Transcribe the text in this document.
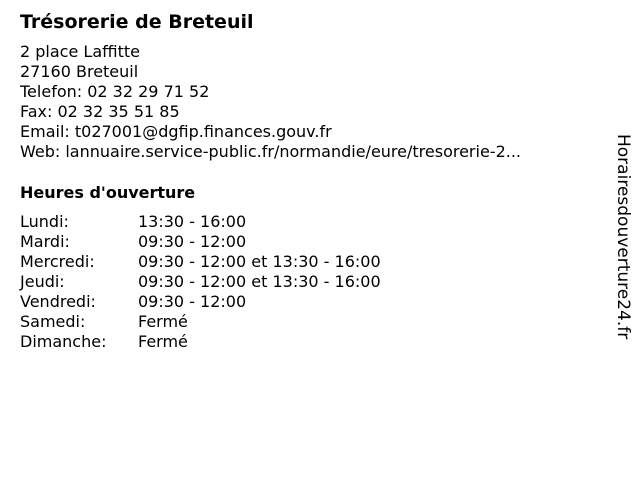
Trésorerie de Breteuil
2 place Laffitte
27160 Breteuil
Telefon: 02 32 29 71 52
Fax: 02 32 35 51 85
Email: t027001@dgfip.finances.gouv.fr
Web: lannuaire.service-public.fr/normandie/eure/tresorerie-2...
Heures d'ouverture
Lundi:	13:30 - 16:00
Mardi:	09:30 - 12:00
Mercredi:	09:30 - 12:00 et 13:30 - 16:00
Jeudi:	09:30 - 12:00 et 13:30 - 16:00
Vendredi:	09:30 - 12:00
Samedi:	Fermé
Dimanche:	Fermé
Horairesdouverture24.fr
